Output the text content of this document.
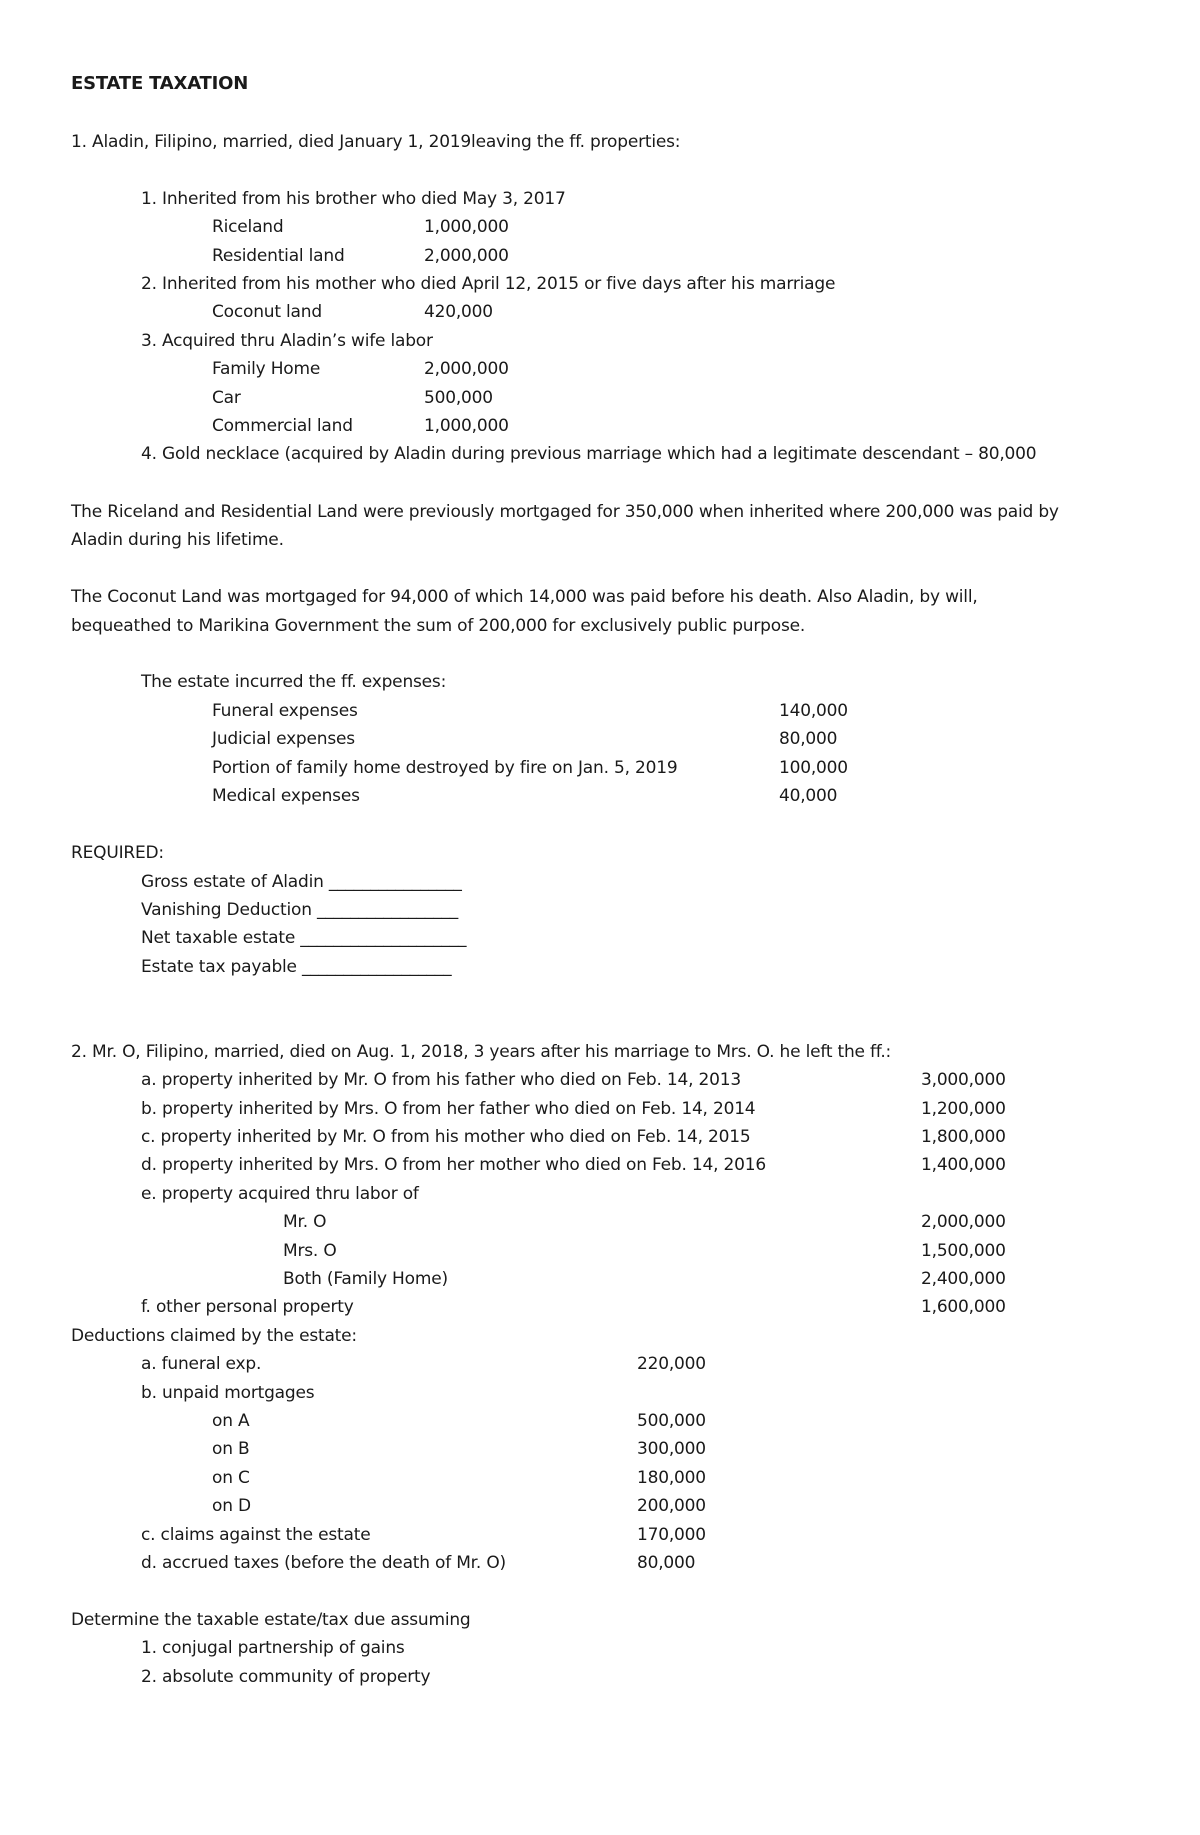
ESTATE TAXATION
1. Aladin, Filipino, married, died January 1, 2019leaving the ff. properties:
1. Inherited from his brother who died May 3, 2017
Riceland	1,000,000
Residential land	2,000,000
2. Inherited from his mother who died April 12, 2015 or five days after his marriage
Coconut land	420,000
3. Acquired thru Aladin’s wife labor
Family Home	2,000,000
Car	500,000
Commercial land	1,000,000
4. Gold necklace (acquired by Aladin during previous marriage which had a legitimate descendant – 80,000
The Riceland and Residential Land were previously mortgaged for 350,000 when inherited where 200,000 was paid by
Aladin during his lifetime.
The Coconut Land was mortgaged for 94,000 of which 14,000 was paid before his death. Also Aladin, by will,
bequeathed to Marikina Government the sum of 200,000 for exclusively public purpose.
The estate incurred the ff. expenses:
Funeral expenses	140,000
Judicial expenses	80,000
Portion of family home destroyed by fire on Jan. 5, 2019	100,000
Medical expenses	40,000
REQUIRED:
Gross estate of Aladin ________________
Vanishing Deduction _________________
Net taxable estate ____________________
Estate tax payable __________________
2. Mr. O, Filipino, married, died on Aug. 1, 2018, 3 years after his marriage to Mrs. O. he left the ff.:
a. property inherited by Mr. O from his father who died on Feb. 14, 2013	3,000,000
b. property inherited by Mrs. O from her father who died on Feb. 14, 2014	1,200,000
c. property inherited by Mr. O from his mother who died on Feb. 14, 2015	1,800,000
d. property inherited by Mrs. O from her mother who died on Feb. 14, 2016	1,400,000
e. property acquired thru labor of
Mr. O	2,000,000
Mrs. O	1,500,000
Both (Family Home)	2,400,000
f. other personal property	1,600,000
Deductions claimed by the estate:
a. funeral exp.	220,000
b. unpaid mortgages
on A	500,000
on B	300,000
on C	180,000
on D	200,000
c. claims against the estate	170,000
d. accrued taxes (before the death of Mr. O)	80,000
Determine the taxable estate/tax due assuming
1. conjugal partnership of gains
2. absolute community of property
